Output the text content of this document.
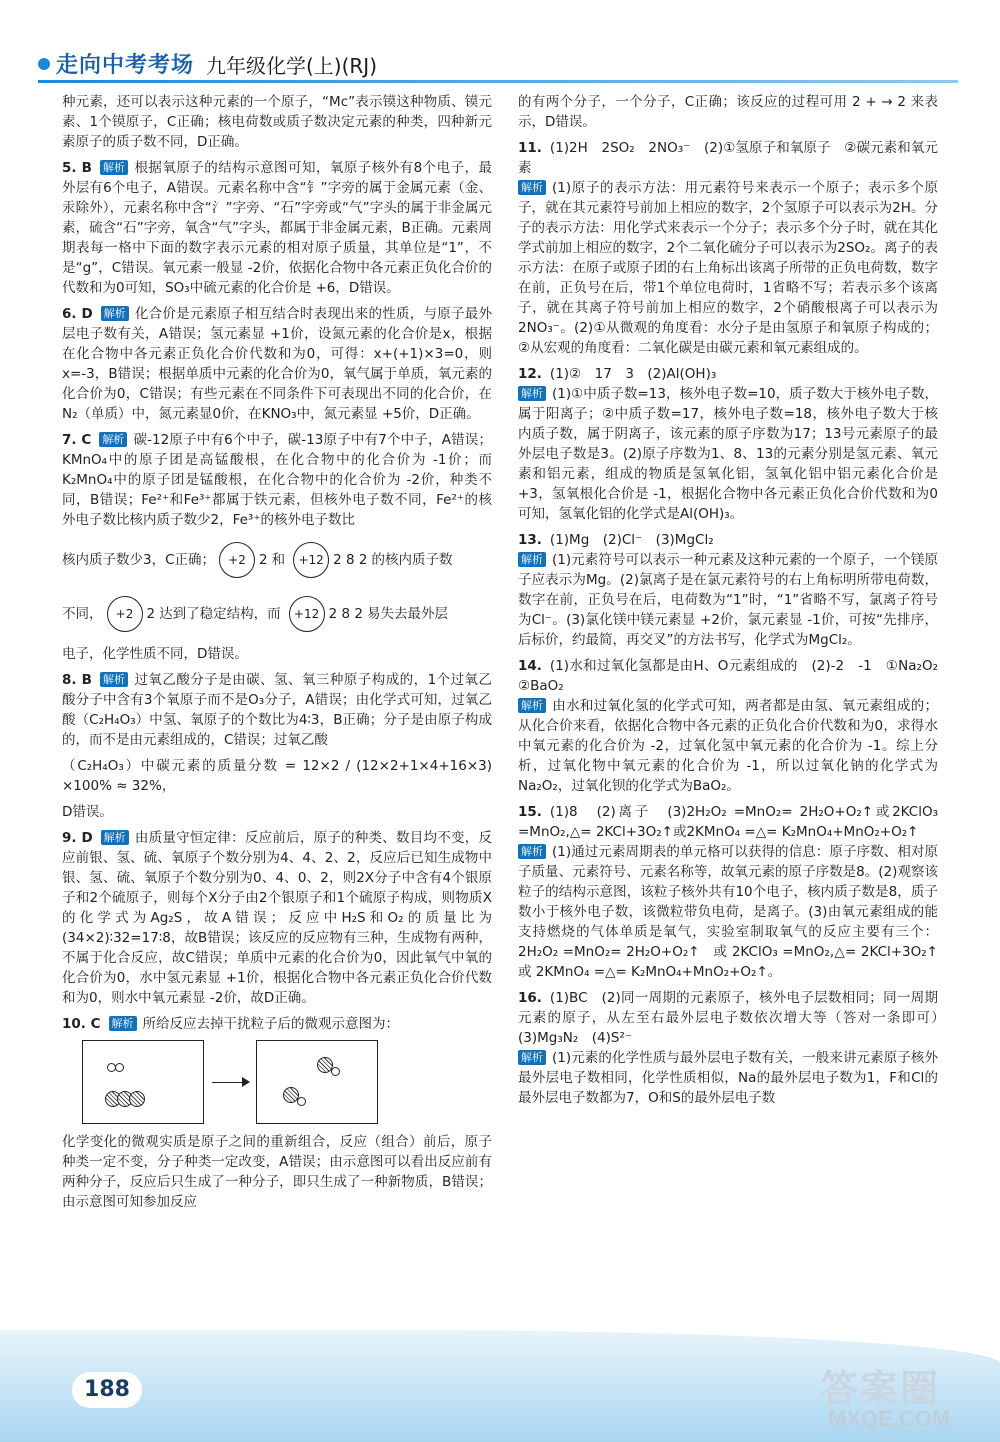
走向中考考场 九年级化学(上)(RJ)

种元素，还可以表示这种元素的一个原子，“Mc”表示镆这种物质、镆元素、1个镆原子，C正确；核电荷数或质子数决定元素的种类，四种新元素原子的质子数不同，D正确。

5. B 解析 根据氧原子的结构示意图可知，氧原子核外有8个电子，最外层有6个电子，A错误。元素名称中含“钅”字旁的属于金属元素（金、汞除外），元素名称中含“氵”字旁、“石”字旁或“气”字头的属于非金属元素，硫含“石”字旁，氧含“气”字头，都属于非金属元素，B正确。元素周期表每一格中下面的数字表示元素的相对原子质量，其单位是“1”，不是“g”，C错误。氧元素一般显 -2价，依据化合物中各元素正负化合价的代数和为0可知，SO₃中硫元素的化合价是 +6，D错误。

6. D 解析 化合价是元素原子相互结合时表现出来的性质，与原子最外层电子数有关，A错误；氢元素显 +1价，设氮元素的化合价是x，根据在化合物中各元素正负化合价代数和为0，可得：x+(+1)×3=0，则x=-3，B错误；根据单质中元素的化合价为0，氧气属于单质，氧元素的化合价为0，C错误；有些元素在不同条件下可表现出不同的化合价，在N₂（单质）中，氮元素显0价，在KNO₃中，氮元素显 +5价，D正确。

7. C 解析 碳-12原子中有6个中子，碳-13原子中有7个中子，A错误；KMnO₄中的原子团是高锰酸根，在化合物中的化合价为 -1价；而K₂MnO₄中的原子团是锰酸根，在化合物中的化合价为 -2价，种类不同，B错误；Fe²⁺和Fe³⁺都属于铁元素，但核外电子数不同，Fe²⁺的核外电子数比核内质子数少2，Fe³⁺的核外电子数比
核内质子数少3，C正确；	+2 2 和	+12 2 8 2 的核内质子数
不同，	+2 2 达到了稳定结构，而	+12 2 8 2 易失去最外层
电子，化学性质不同，D错误。
8. B 解析 过氧乙酸分子是由碳、氢、氧三种原子构成的，1个过氧乙酸分子中含有3个氧原子而不是O₃分子，A错误；由化学式可知，过氧乙酸（C₂H₄O₃）中氢、氧原子的个数比为4∶3，B正确；分子是由原子构成的，而不是由元素组成的，C错误；过氧乙酸
（C₂H₄O₃）中碳元素的质量分数 = 12×2 / (12×2+1×4+16×3) ×100% ≈ 32%，
D错误。

9. D 解析 由质量守恒定律：反应前后，原子的种类、数目均不变，反应前银、氢、硫、氧原子个数分别为4、4、2、2，反应后已知生成物中银、氢、硫、氧原子个数分别为0、4、0、2，则2X分子中含有4个银原子和2个硫原子，则每个X分子由2个银原子和1个硫原子构成，则物质X的化学式为Ag₂S，故A错误；反应中H₂S和O₂的质量比为(34×2)∶32=17∶8，故B错误；该反应的反应物有三种，生成物有两种，不属于化合反应，故C错误；单质中元素的化合价为0，因此氧气中氧的化合价为0，水中氢元素显 +1价，根据化合物中各元素正负化合价代数和为0，则水中氧元素显 -2价，故D正确。

10. C 解析 所给反应去掉干扰粒子后的微观示意图为：
化学变化的微观实质是原子之间的重新组合，反应（组合）前后，原子种类一定不变，分子种类一定改变，A错误；由示意图可以看出反应前有两种分子，反应后只生成了一种分子，即只生成了一种新物质，B错误；由示意图可知参加反应

的有两个分子，一个分子，C正确；该反应的过程可用 2 + → 2 来表示，D错误。

11. (1)2H　2SO₂　2NO₃⁻　(2)①氢原子和氧原子　②碳元素和氧元素
解析 (1)原子的表示方法：用元素符号来表示一个原子；表示多个原子，就在其元素符号前加上相应的数字，2个氢原子可以表示为2H。分子的表示方法：用化学式来表示一个分子；表示多个分子时，就在其化学式前加上相应的数字，2个二氧化硫分子可以表示为2SO₂。离子的表示方法：在原子或原子团的右上角标出该离子所带的正负电荷数，数字在前，正负号在后，带1个单位电荷时，1省略不写；若表示多个该离子，就在其离子符号前加上相应的数字，2个硝酸根离子可以表示为2NO₃⁻。(2)①从微观的角度看：水分子是由氢原子和氧原子构成的；②从宏观的角度看：二氧化碳是由碳元素和氧元素组成的。

12. (1)②　17　3　(2)Al(OH)₃
解析 (1)①中质子数=13，核外电子数=10，质子数大于核外电子数，属于阳离子；②中质子数=17，核外电子数=18，核外电子数大于核内质子数，属于阴离子，该元素的原子序数为17；13号元素原子的最外层电子数是3。(2)原子序数为1、8、13的元素分别是氢元素、氧元素和铝元素，组成的物质是氢氧化铝，氢氧化铝中铝元素化合价是 +3，氢氧根化合价是 -1，根据化合物中各元素正负化合价代数和为0可知，氢氧化铝的化学式是Al(OH)₃。

13. (1)Mg　(2)Cl⁻　(3)MgCl₂
解析 (1)元素符号可以表示一种元素及这种元素的一个原子，一个镁原子应表示为Mg。(2)氯离子是在氯元素符号的右上角标明所带电荷数，数字在前，正负号在后，电荷数为“1”时，“1”省略不写，氯离子符号为Cl⁻。(3)氯化镁中镁元素显 +2价，氯元素显 -1价，可按“先排序，后标价，约最简，再交叉”的方法书写，化学式为MgCl₂。

14. (1)水和过氧化氢都是由H、O元素组成的　(2)-2　-1　①Na₂O₂　②BaO₂
解析 由水和过氧化氢的化学式可知，两者都是由氢、氧元素组成的；从化合价来看，依据化合物中各元素的正负化合价代数和为0，求得水中氧元素的化合价为 -2，过氧化氢中氧元素的化合价为 -1。综上分析，过氧化物中氧元素的化合价为 -1，所以过氧化钠的化学式为Na₂O₂，过氧化钡的化学式为BaO₂。

15. (1)8　(2)离子　(3)2H₂O₂ =MnO₂= 2H₂O+O₂↑或2KClO₃ =MnO₂,△= 2KCl+3O₂↑或2KMnO₄ =△= K₂MnO₄+MnO₂+O₂↑
解析 (1)通过元素周期表的单元格可以获得的信息：原子序数、相对原子质量、元素符号、元素名称等，故氧元素的原子序数是8。(2)观察该粒子的结构示意图，该粒子核外共有10个电子，核内质子数是8，质子数小于核外电子数，该微粒带负电荷，是离子。(3)由氧元素组成的能支持燃烧的气体单质是氧气，实验室制取氧气的反应主要有三个：2H₂O₂ =MnO₂= 2H₂O+O₂↑　或 2KClO₃ =MnO₂,△= 2KCl+3O₂↑　或 2KMnO₄ =△= K₂MnO₄+MnO₂+O₂↑。

16. (1)BC　(2)同一周期的元素原子，核外电子层数相同；同一周期元素的原子，从左至右最外层电子数依次增大等（答对一条即可）　(3)Mg₃N₂　(4)S²⁻
解析 (1)元素的化学性质与最外层电子数有关，一般来讲元素原子核外最外层电子数相同，化学性质相似，Na的最外层电子数为1，F和Cl的最外层电子数都为7，O和S的最外层电子数

188	答案圈
MXQE.COM
